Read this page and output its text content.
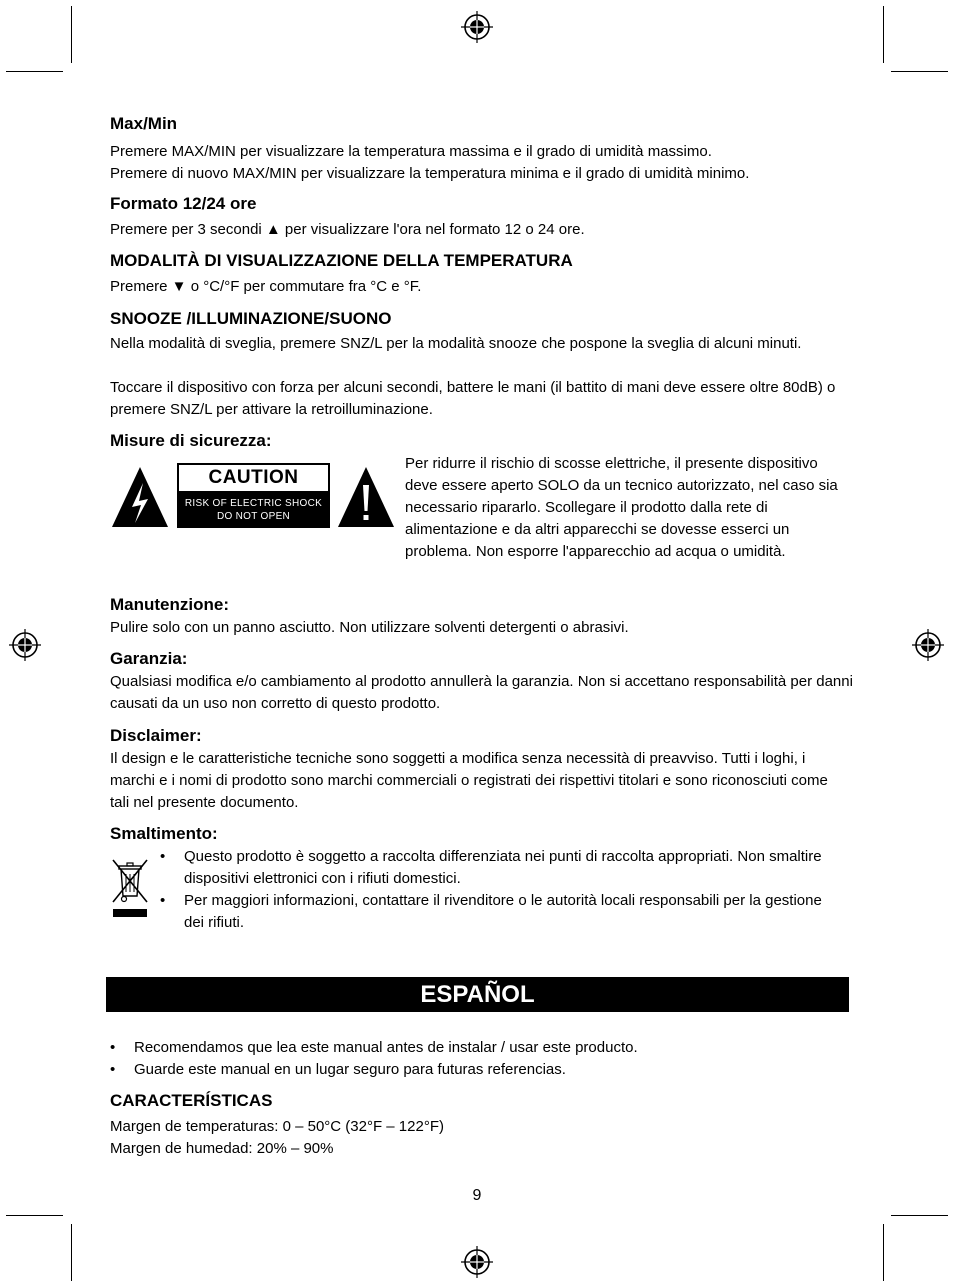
Max/Min
Premere MAX/MIN per visualizzare la temperatura massima e il grado di umidità massimo.
Premere di nuovo MAX/MIN per visualizzare la temperatura minima e il grado di umidità minimo.
Formato 12/24 ore
Premere per 3 secondi ▲ per visualizzare l'ora nel formato 12 o 24 ore.
MODALITÀ DI VISUALIZZAZIONE DELLA TEMPERATURA
Premere ▼ o °C/°F per commutare fra °C e °F.
SNOOZE /ILLUMINAZIONE/SUONO
Nella modalità di sveglia, premere SNZ/L per la modalità snooze che pospone la sveglia di alcuni minuti.
Toccare il dispositivo con forza per alcuni secondi, battere le mani (il battito di mani deve essere oltre 80dB) o premere SNZ/L per attivare la retroilluminazione.
Misure di sicurezza:
CAUTION
RISK OF ELECTRIC SHOCK
DO NOT OPEN
Per ridurre il rischio di scosse elettriche, il presente dispositivo deve essere aperto SOLO da un tecnico autorizzato, nel caso sia necessario ripararlo. Scollegare il prodotto dalla rete di alimentazione e da altri apparecchi se dovesse esserci un problema. Non esporre l'apparecchio ad acqua o umidità.
Manutenzione:
Pulire solo con un panno asciutto. Non utilizzare solventi detergenti o abrasivi.
Garanzia:
Qualsiasi modifica e/o cambiamento al prodotto annullerà la garanzia. Non si accettano responsabilità per danni causati da un uso non corretto di questo prodotto.
Disclaimer:
Il design e le caratteristiche tecniche sono soggetti a modifica senza necessità di preavviso. Tutti i loghi, i marchi e i nomi di prodotto sono marchi commerciali o registrati dei rispettivi titolari e sono riconosciuti come tali nel presente documento.
Smaltimento:
• Questo prodotto è soggetto a raccolta differenziata nei punti di raccolta appropriati. Non smaltire dispositivi elettronici con i rifiuti domestici.
• Per maggiori informazioni, contattare il rivenditore o le autorità locali responsabili per la gestione dei rifiuti.
ESPAÑOL
• Recomendamos que lea este manual antes de instalar / usar este producto.
• Guarde este manual en un lugar seguro para futuras referencias.
CARACTERÍSTICAS
Margen de temperaturas: 0 – 50°C (32°F – 122°F)
Margen de humedad: 20% – 90%
9
